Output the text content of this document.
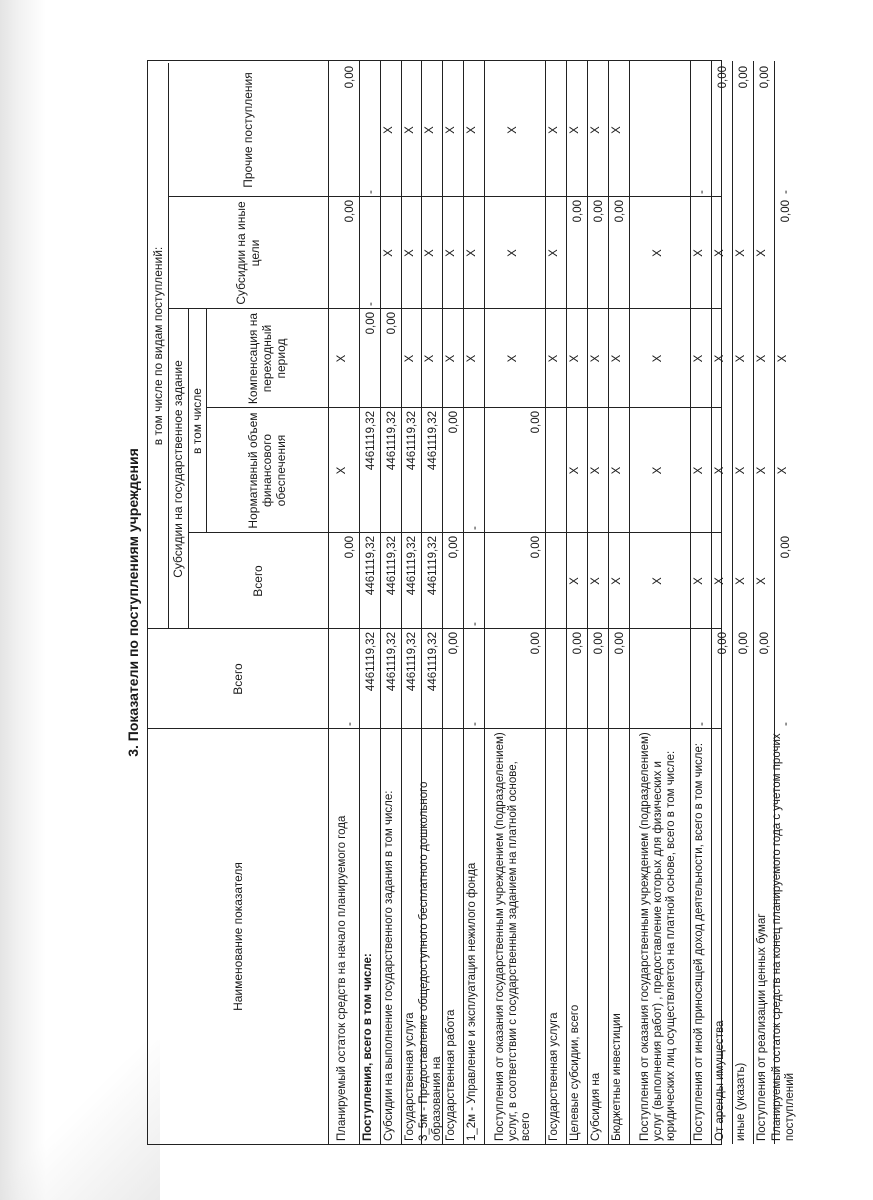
3. Показатели по поступлениям учреждения
Наименование показателя
Всего
в том числе по видам поступлений:
Субсидии на государственное задание
Всего
в том числе	Нормативный объем финансового обеспечения
Компенсация на переходный период
Субсидии на иные цели
Прочие поступления
Планируемый остаток средств на начало планируемого года
-
0,00
X
X
0,00
0,00
Поступления, всего в том числе:
4461119,32
4461119,32
4461119,32
0,00
-
-
Субсидии на выполнение государственного задания в том числе:
4461119,32
4461119,32
4461119,32
0,00
X
X
Государственная услуга
4461119,32
4461119,32
4461119,32
X
X
X
3_5м - Предоставление общедоступного бесплатного дошкольного образования на
4461119,32
4461119,32
4461119,32
X
X
X
Государственная работа
0,00
0,00
0,00
X
X
X
1_2м - Управление и эксплуатация нежилого фонда
-
-
-
X
X
X
Поступления от оказания государственным учреждением (подразделением) услуг, в соответствии с государственным заданием на платной основе, всего
0,00
0,00
0,00
X
X
X
Государственная услуга
X
X
X
Целевые субсидии, всего
0,00
X
X
X
0,00
X
Субсидия на
0,00
X
X
X
0,00
X
Бюджетные инвестиции
0,00
X
X
X
0,00
X
Поступления от оказания государственным учреждением (подразделением) услуг (выполнения работ) , предоставление которых для физических и юридических лиц осуществляется на платной основе, всего в том числе:
X
X
X
X
Поступления от иной приносящей доход деятельности, всего в том числе:
-
X
X
X
X
-
От аренды имущества
0,00
X
X
X
X
0,00
иные (указать)
0,00
X
X
X
X
0,00
Поступления от реализации ценных бумаг
0,00
X
X
X
X
0,00
Планируемый остаток средств на конец планируемого года с учетом прочих поступлений
-
0,00
X
X
0,00
-
